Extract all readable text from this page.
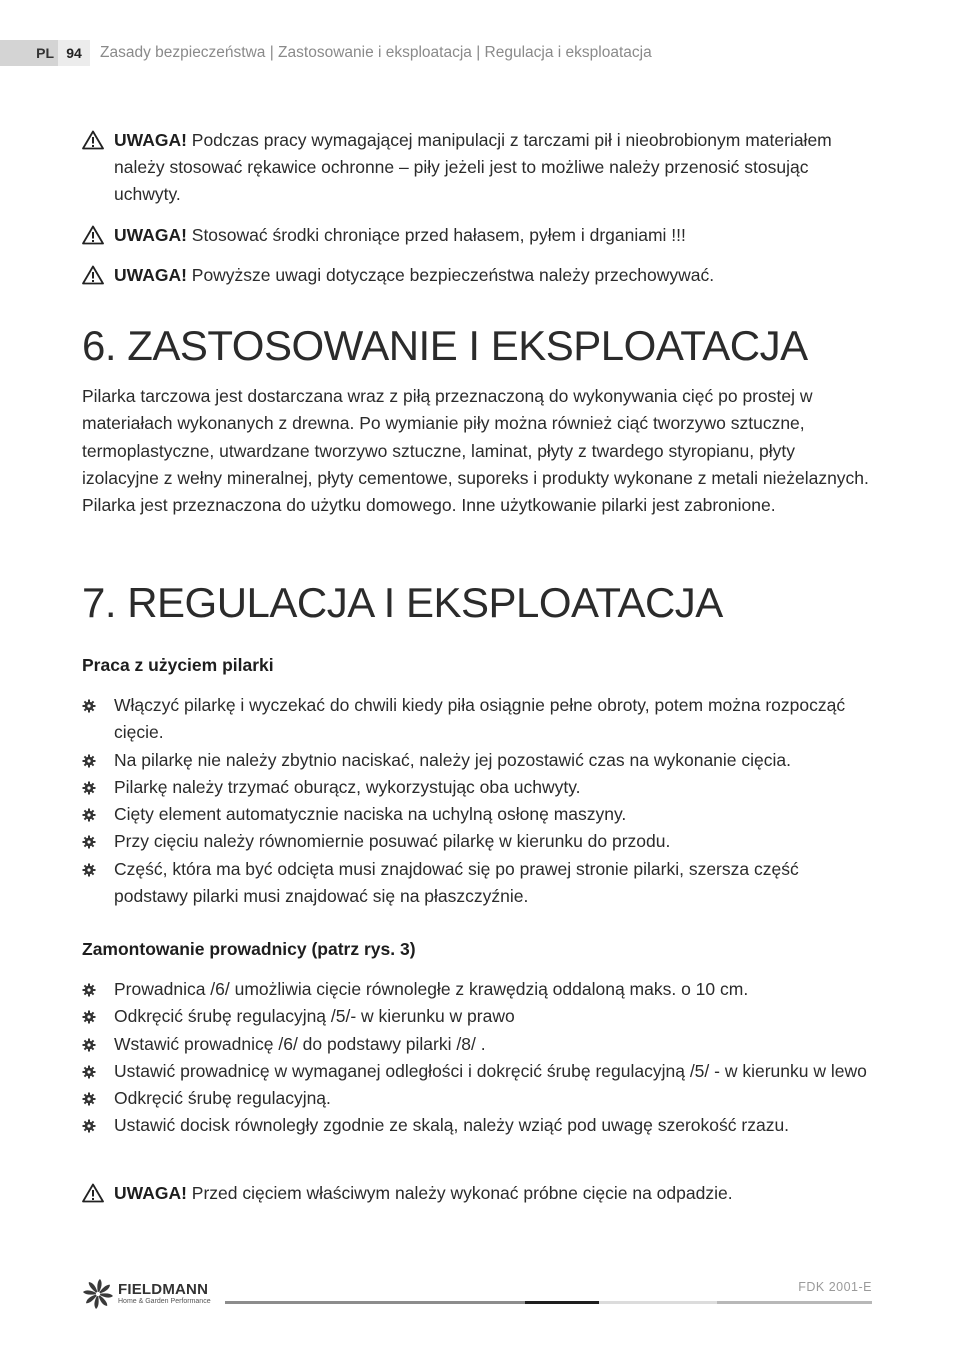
PL 94	Zasady bezpieczeństwa | Zastosowanie i eksploatacja | Regulacja i eksploatacja
UWAGA! Podczas pracy wymagającej manipulacji z tarczami pił i nieobrobionym materiałem należy stosować rękawice ochronne – piły jeżeli jest to możliwe należy przenosić stosując uchwyty.
UWAGA! Stosować środki chroniące przed hałasem, pyłem i drganiami !!!
UWAGA! Powyższe uwagi dotyczące bezpieczeństwa należy przechowywać.
6. ZASTOSOWANIE I EKSPLOATACJA

Pilarka tarczowa jest dostarczana wraz z piłą przeznaczoną do wykonywania cięć po prostej w materiałach wykonanych z drewna. Po wymianie piły można również ciąć tworzywo sztuczne, termoplastyczne, utwardzane tworzywo sztuczne, laminat, płyty z twardego styropianu, płyty izolacyjne z wełny mineralnej, płyty cementowe, suporeks i produkty wykonane z metali nieżelaznych. Pilarka jest przeznaczona do użytku domowego. Inne użytkowanie pilarki jest zabronione.

7. REGULACJA I EKSPLOATACJA
Praca z użyciem pilarki
Włączyć pilarkę i wyczekać do chwili kiedy piła osiągnie pełne obroty, potem można rozpocząć cięcie.
Na pilarkę nie należy zbytnio naciskać, należy jej pozostawić czas na wykonanie cięcia.
Pilarkę należy trzymać oburącz, wykorzystując oba uchwyty.
Cięty element automatycznie naciska na uchylną osłonę maszyny.
Przy cięciu należy równomiernie posuwać pilarkę w kierunku do przodu.
Część, która ma być odcięta musi znajdować się po prawej stronie pilarki, szersza część podstawy pilarki musi znajdować się na płaszczyźnie.
Zamontowanie prowadnicy (patrz rys. 3)
Prowadnica /6/ umożliwia cięcie równoległe z krawędzią oddaloną maks. o 10 cm.
Odkręcić śrubę regulacyjną /5/- w kierunku w prawo
Wstawić prowadnicę /6/ do podstawy pilarki /8/ .
Ustawić prowadnicę w wymaganej odległości i dokręcić śrubę regulacyjną /5/ - w kierunku w lewo
Odkręcić śrubę regulacyjną.
Ustawić docisk równoległy zgodnie ze skalą, należy wziąć pod uwagę szerokość rzazu.
UWAGA! Przed cięciem właściwym należy wykonać próbne cięcie na odpadzie.
FIELDMANN
Home & Garden Performance
FDK 2001-E
